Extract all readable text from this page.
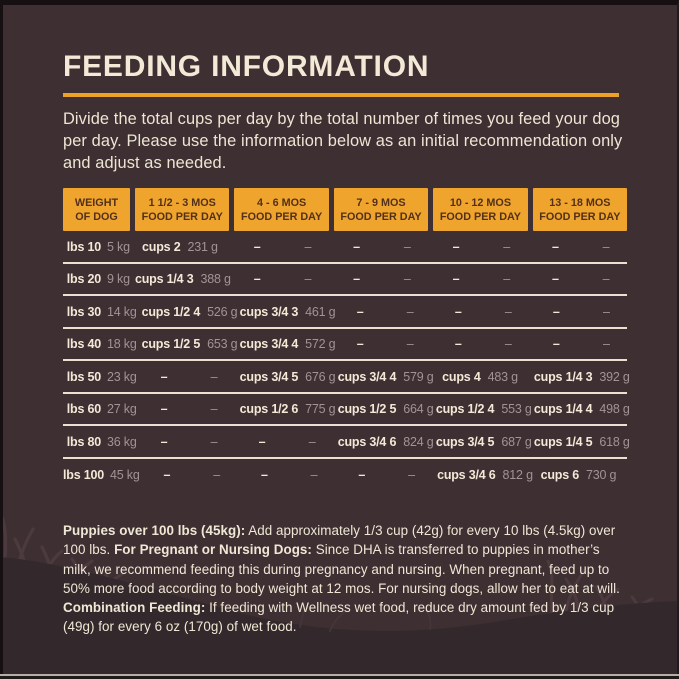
FEEDING INFORMATION

Divide the total cups per day by the total number of times you feed your dog per day. Please use the information below as an initial recommendation only and adjust as needed.

WEIGHT
OF DOG
1 1/2 - 3 MOS
FOOD PER DAY
4 - 6 MOS
FOOD PER DAY
7 - 9 MOS
FOOD PER DAY
10 - 12 MOS
FOOD PER DAY
13 - 18 MOS
FOOD PER DAY
10 lbs 5 kg 2 cups 231 g	–	–	–	–	–	–	–	–
20 lbs 9 kg 3 1/4 cups 388 g	–	–	–	–	–	–	–	–
30 lbs 14 kg 4 1/2 cups 526 g 3 3/4 cups 461 g	–	–	–	–	–	–
40 lbs 18 kg 5 1/2 cups 653 g 4 3/4 cups 572 g	–	–	–	–	–	–
50 lbs 23 kg	–	–	5 3/4 cups 676 g 4 3/4 cups 579 g 4 cups 483 g	3 1/4 cups 392 g
60 lbs 27 kg	–	–	6 1/2 cups 775 g 5 1/2 cups 664 g 4 1/2 cups 553 g 4 1/4 cups 498 g
80 lbs 36 kg	–	–	–	–	6 3/4 cups 824 g 5 3/4 cups 687 g 5 1/4 cups 618 g
100 lbs 45 kg	–	–	–	–	–	–	6 3/4 cups 812 g 6 cups 730 g

Puppies over 100 lbs (45kg): Add approximately 1/3 cup (42g) for every 10 lbs (4.5kg) over 100 lbs. For Pregnant or Nursing Dogs: Since DHA is transferred to puppies in mother’s milk, we recommend feeding this during pregnancy and nursing. When pregnant, feed up to 50% more food according to body weight at 12 mos. For nursing dogs, allow her to eat at will. Combination Feeding: If feeding with Wellness wet food, reduce dry amount fed by 1/3 cup (49g) for every 6 oz (170g) of wet food.
